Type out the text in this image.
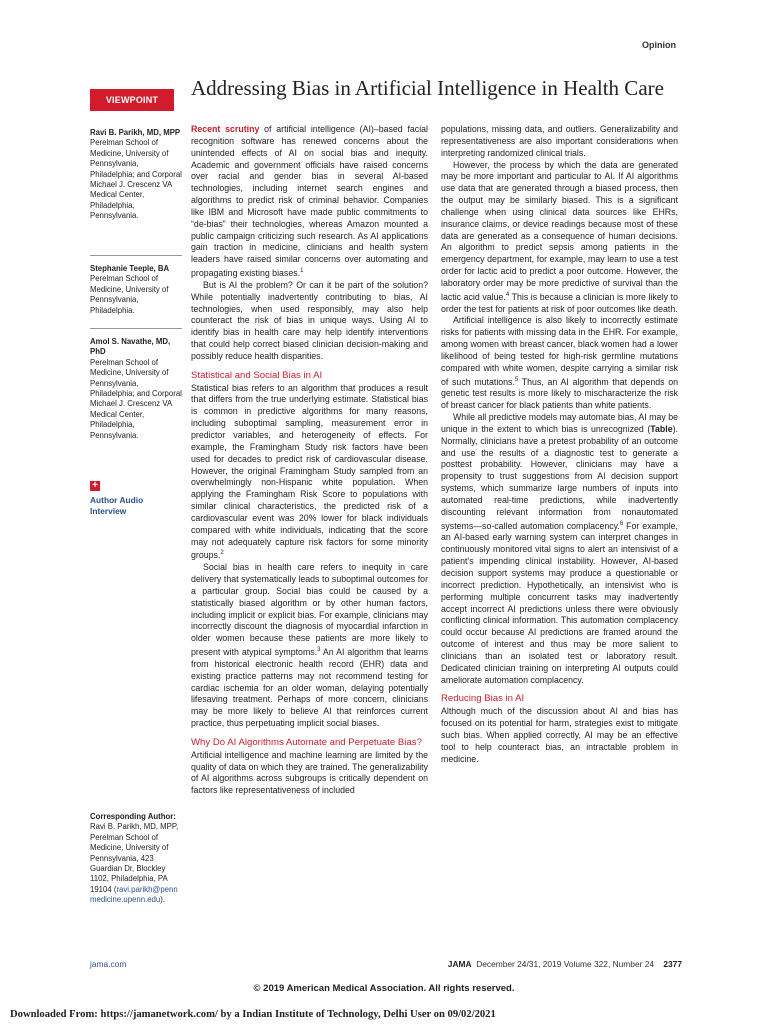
Opinion
VIEWPOINT	Addressing Bias in Artificial Intelligence in Health Care
Ravi B. Parikh, MD, MPP
Perelman School of Medicine, University of Pennsylvania, Philadelphia; and Corporal Michael J. Crescenz VA Medical Center, Philadelphia, Pennsylvania.
Stephanie Teeple, BA
Perelman School of Medicine, University of Pennsylvania, Philadelphia.
Amol S. Navathe, MD, PhD
Perelman School of Medicine, University of Pennsylvania, Philadelphia; and Corporal Michael J. Crescenz VA Medical Center, Philadelphia, Pennsylvania.
+
Author Audio Interview
Corresponding Author: Ravi B. Parikh, MD, MPP, Perelman School of Medicine, University of Pennsylvania, 423 Guardian Dr, Blockley 1102, Philadelphia, PA 19104 (ravi.parikh@pennmedicine.upenn.edu).

Recent scrutiny of artificial intelligence (AI)–based facial recognition software has renewed concerns about the unintended effects of AI on social bias and inequity. Academic and government officials have raised concerns over racial and gender bias in several AI-based technologies, including internet search engines and algorithms to predict risk of criminal behavior. Companies like IBM and Microsoft have made public commitments to “de-bias” their technologies, whereas Amazon mounted a public campaign criticizing such research. As AI applications gain traction in medicine, clinicians and health system leaders have raised similar concerns over automating and propagating existing biases.$^1$

But is AI the problem? Or can it be part of the solution? While potentially inadvertently contributing to bias, AI technologies, when used responsibly, may also help counteract the risk of bias in unique ways. Using AI to identify bias in health care may help identify interventions that could help correct biased clinician decision-making and possibly reduce health disparities.

Statistical and Social Bias in AI

Statistical bias refers to an algorithm that produces a result that differs from the true underlying estimate. Statistical bias is common in predictive algorithms for many reasons, including suboptimal sampling, measurement error in predictor variables, and heterogeneity of effects. For example, the Framingham Study risk factors have been used for decades to predict risk of cardiovascular disease. However, the original Framingham Study sampled from an overwhelmingly non-Hispanic white population. When applying the Framingham Risk Score to populations with similar clinical characteristics, the predicted risk of a cardiovascular event was 20% lower for black individuals compared with white individuals, indicating that the score may not adequately capture risk factors for some minority groups.$^2$

Social bias in health care refers to inequity in care delivery that systematically leads to suboptimal outcomes for a particular group. Social bias could be caused by a statistically biased algorithm or by other human factors, including implicit or explicit bias. For example, clinicians may incorrectly discount the diagnosis of myocardial infarction in older women because these patients are more likely to present with atypical symptoms.$^3$ An AI algorithm that learns from historical electronic health record (EHR) data and existing practice patterns may not recommend testing for cardiac ischemia for an older woman, delaying potentially lifesaving treatment. Perhaps of more concern, clinicians may be more likely to believe AI that reinforces current practice, thus perpetuating implicit social biases.

Why Do AI Algorithms Automate and Perpetuate Bias?

Artificial intelligence and machine learning are limited by the quality of data on which they are trained. The generalizability of AI algorithms across subgroups is critically dependent on factors like representativeness of included

populations, missing data, and outliers. Generalizability and representativeness are also important considerations when interpreting randomized clinical trials.

However, the process by which the data are generated may be more important and particular to AI. If AI algorithms use data that are generated through a biased process, then the output may be similarly biased. This is a significant challenge when using clinical data sources like EHRs, insurance claims, or device readings because most of these data are generated as a consequence of human decisions. An algorithm to predict sepsis among patients in the emergency department, for example, may learn to use a test order for lactic acid to predict a poor outcome. However, the laboratory order may be more predictive of survival than the lactic acid value.$^4$ This is because a clinician is more likely to order the test for patients at risk of poor outcomes like death.

Artificial intelligence is also likely to incorrectly estimate risks for patients with missing data in the EHR. For example, among women with breast cancer, black women had a lower likelihood of being tested for high-risk germline mutations compared with white women, despite carrying a similar risk of such mutations.$^5$ Thus, an AI algorithm that depends on genetic test results is more likely to mischaracterize the risk of breast cancer for black patients than white patients.

While all predictive models may automate bias, AI may be unique in the extent to which bias is unrecognized (Table). Normally, clinicians have a pretest probability of an outcome and use the results of a diagnostic test to generate a posttest probability. However, clinicians may have a propensity to trust suggestions from AI decision support systems, which summarize large numbers of inputs into automated real-time predictions, while inadvertently discounting relevant information from nonautomated systems—so-called automation complacency.$^6$ For example, an AI-based early warning system can interpret changes in continuously monitored vital signs to alert an intensivist of a patient’s impending clinical instability. However, AI-based decision support systems may produce a questionable or incorrect prediction. Hypothetically, an intensivist who is performing multiple concurrent tasks may inadvertently accept incorrect AI predictions unless there were obviously conflicting clinical information. This automation complacency could occur because AI predictions are framed around the outcome of interest and thus may be more salient to clinicians than an isolated test or laboratory result. Dedicated clinician training on interpreting AI outputs could ameliorate automation complacency.

Reducing Bias in AI

Although much of the discussion about AI and bias has focused on its potential for harm, strategies exist to mitigate such bias. When applied correctly, AI may be an effective tool to help counteract bias, an intractable problem in medicine.

jama.com	JAMA December 24/31, 2019 Volume 322, Number 24 2377
© 2019 American Medical Association. All rights reserved.
Downloaded From: https://jamanetwork.com/ by a Indian Institute of Technology, Delhi User on 09/02/2021
